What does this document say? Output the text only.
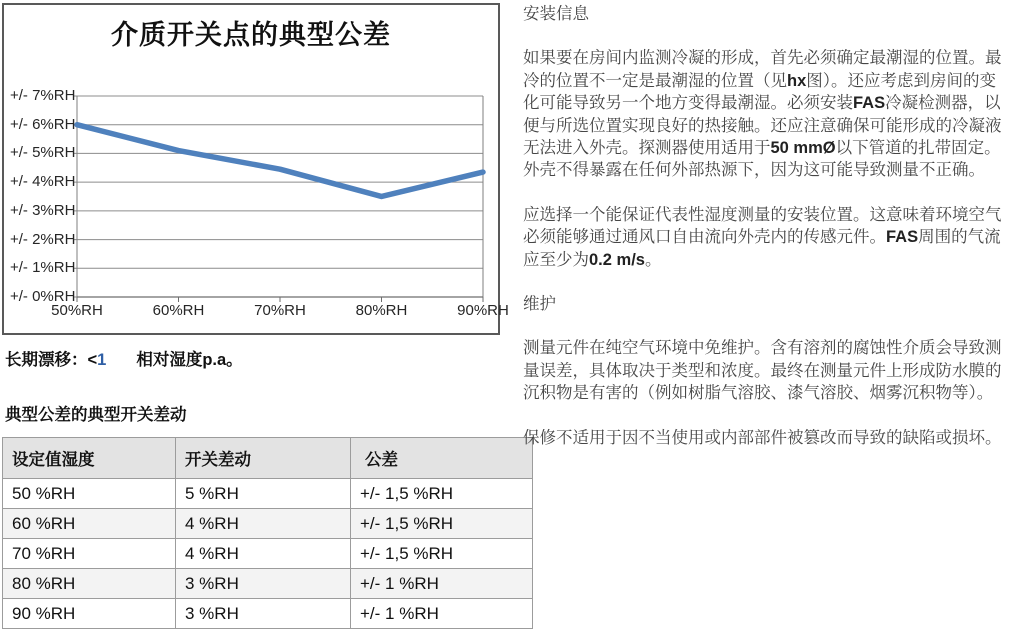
介质开关点的典型公差
+/- 0%RH
+/- 1%RH
+/- 2%RH
+/- 3%RH
+/- 4%RH
+/- 5%RH
+/- 6%RH
+/- 7%RH
50%RH	60%RH	70%RH	80%RH	90%RH
长期漂移：<1 相对湿度p.a。
典型公差的典型开关差动
设定值湿度	开关差动	公差
50 %RH	5 %RH	+/- 1,5 %RH
60 %RH	4 %RH	+/- 1,5 %RH
70 %RH	4 %RH	+/- 1,5 %RH
80 %RH	3 %RH	+/- 1 %RH
90 %RH	3 %RH	+/- 1 %RH
安装信息

如果要在房间内监测冷凝的形成，首先必须确定最潮湿的位置。最冷的位置不一定是最潮湿的位置（见hx图）。还应考虑到房间的变化可能导致另一个地方变得最潮湿。必须安装FAS冷凝检测器，以便与所选位置实现良好的热接触。还应注意确保可能形成的冷凝液无法进入外壳。探测器使用适用于50 mmØ以下管道的扎带固定。外壳不得暴露在任何外部热源下，因为这可能导致测量不正确。

应选择一个能保证代表性湿度测量的安装位置。这意味着环境空气必须能够通过通风口自由流向外壳内的传感元件。FAS周围的气流应至少为0.2 m/s。

维护

测量元件在纯空气环境中免维护。含有溶剂的腐蚀性介质会导致测量误差，具体取决于类型和浓度。最终在测量元件上形成防水膜的沉积物是有害的（例如树脂气溶胶、漆气溶胶、烟雾沉积物等）。

保修不适用于因不当使用或内部部件被篡改而导致的缺陷或损坏。
